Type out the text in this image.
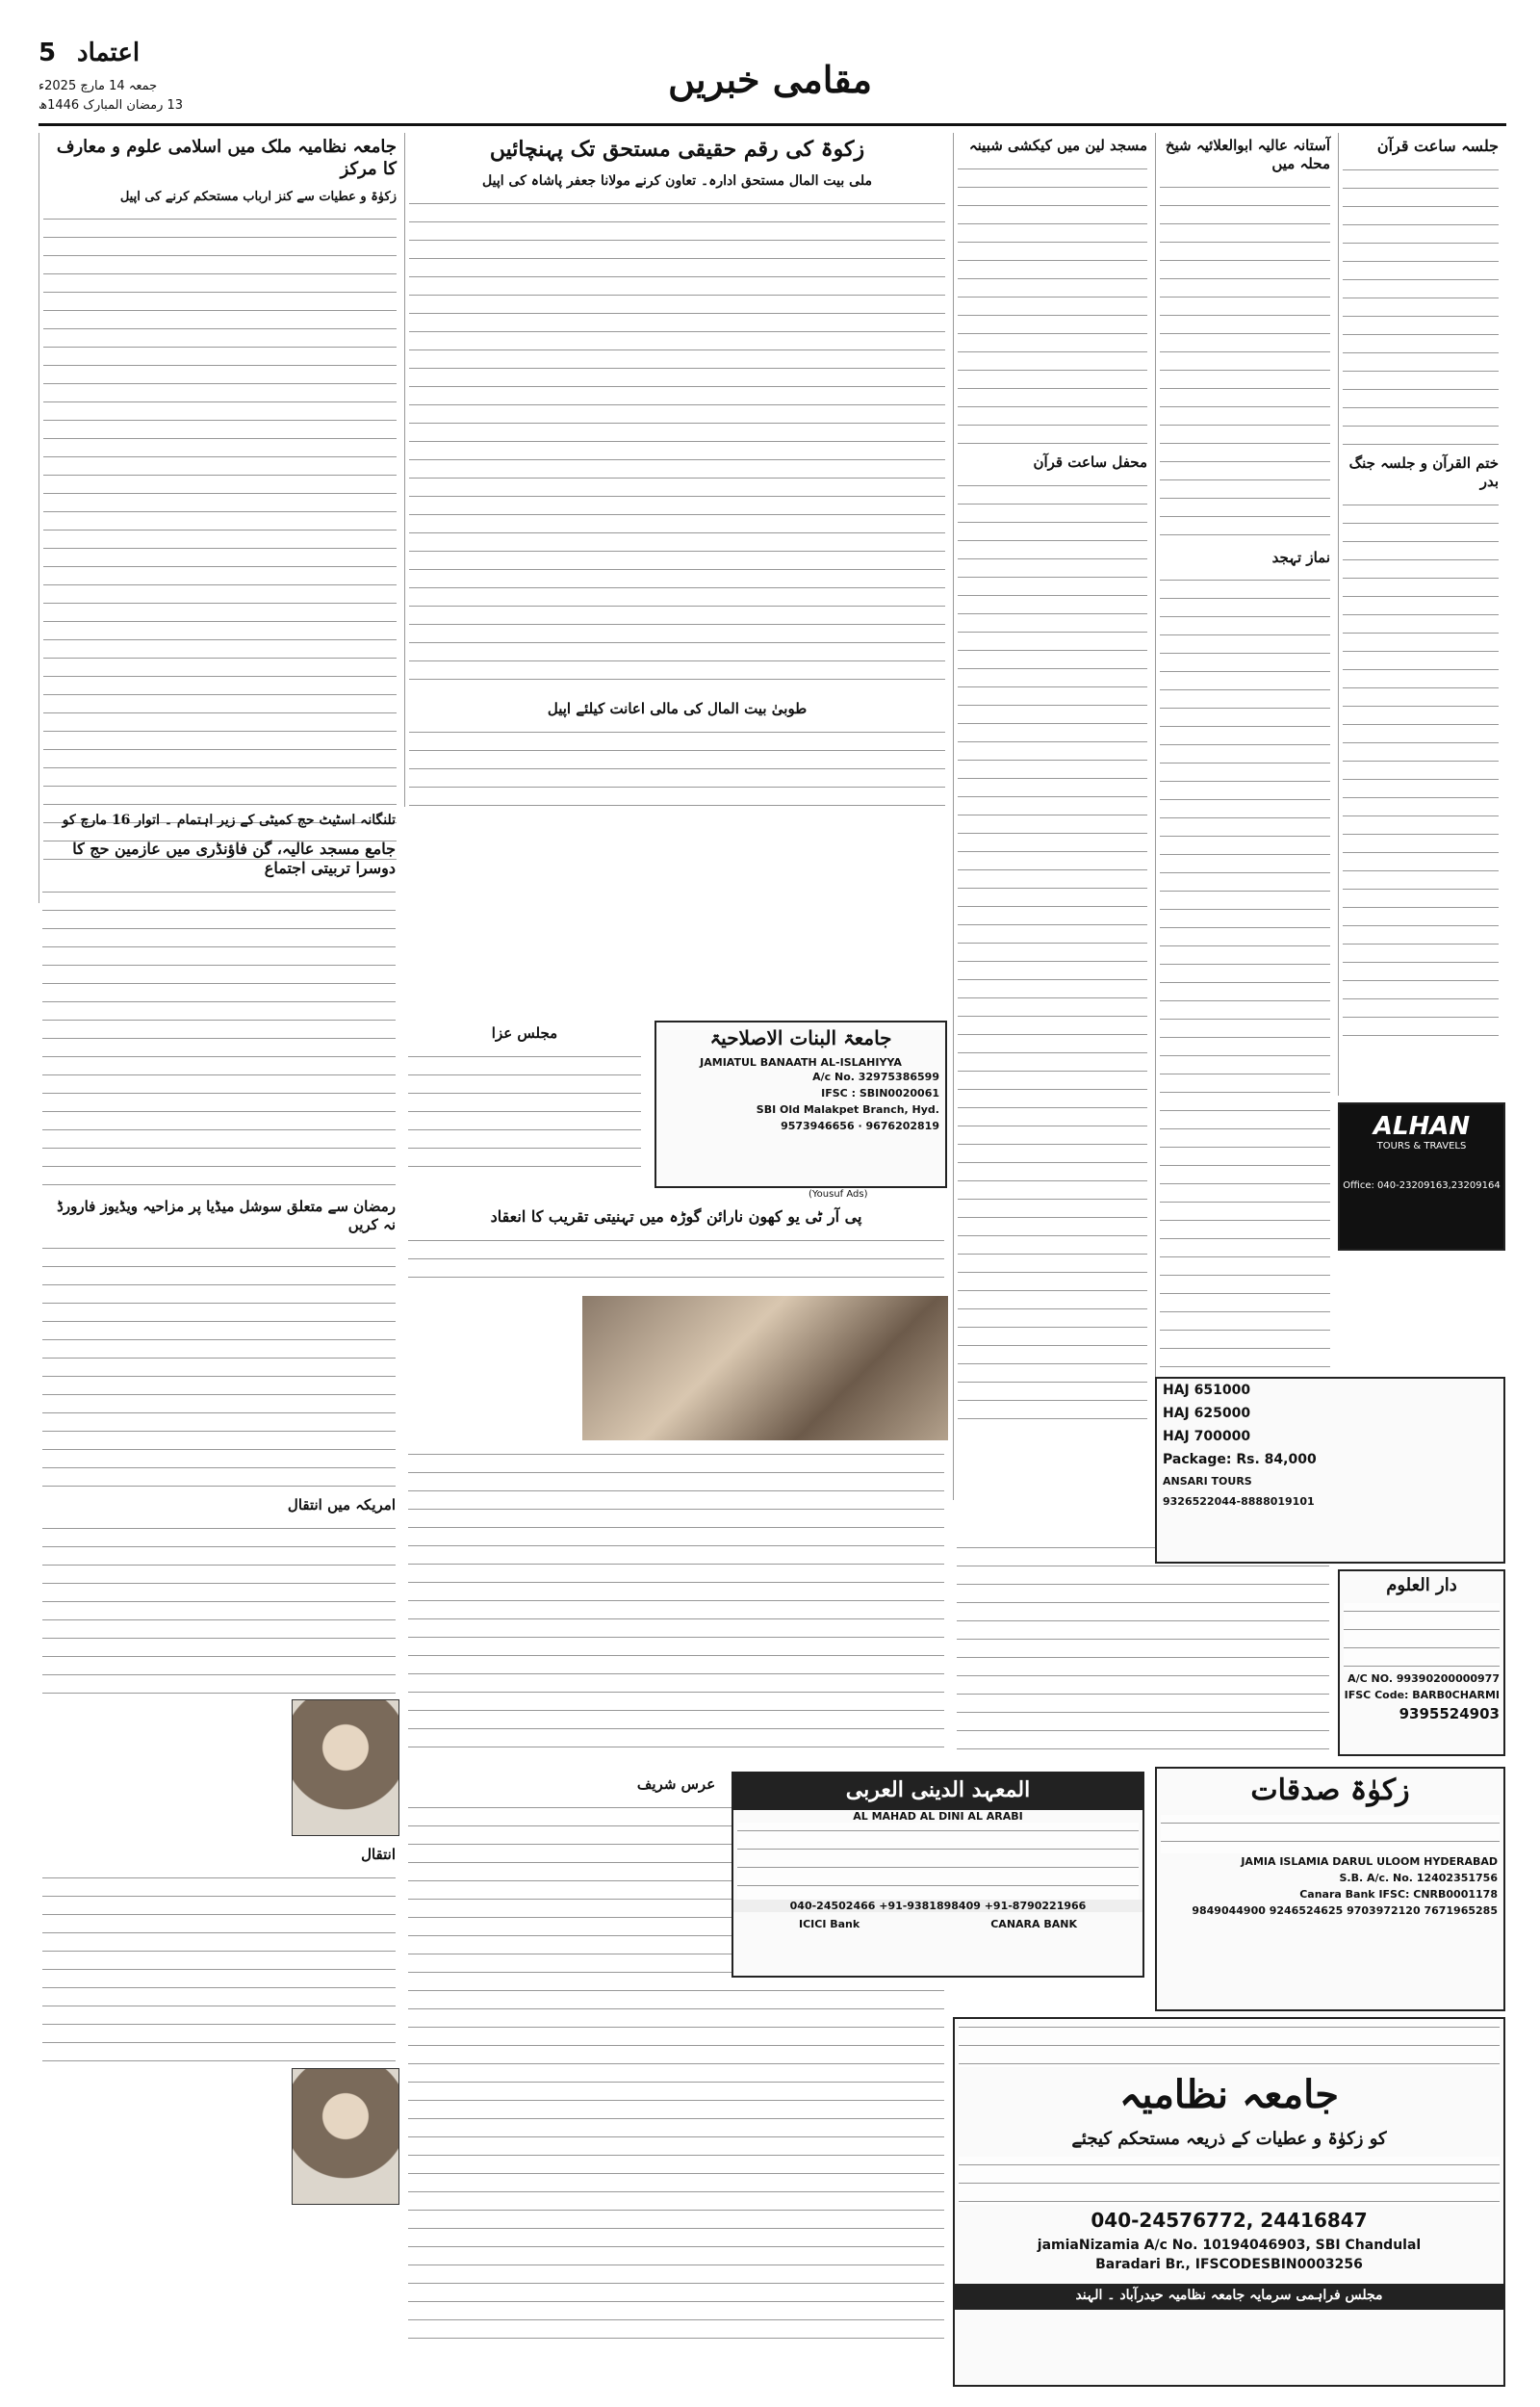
5 اعتماد
جمعہ 14 مارچ 2025ء
13 رمضان المبارک 1446ھ
مقامی خبریں
جلسہ ساعت قرآن
ختم القرآن و جلسہ جنگ بدر
آستانہ عالیہ ابوالعلائیہ شیخ محلہ میں
نماز تہجد
مسجد لین میں کیکشی شبینہ
محفل ساعت قرآن
زکوۃ کی رقم حقیقی مستحق تک پہنچائیں
ملی بیت المال مستحق ادارہ۔ تعاون کرنے مولانا جعفر پاشاہ کی اپیل
طوبیٰ بیت المال کی مالی اعانت کیلئے اپیل
جامعہ نظامیہ ملک میں اسلامی علوم و معارف کا مرکز
زکوٰۃ و عطیات سے کنز ارباب مستحکم کرنے کی اپیل
تلنگانہ اسٹیٹ حج کمیٹی کے زیر اہتمام ۔ اتوار 16 مارچ کو
جامع مسجد عالیہ، گن فاؤنڈری میں عازمین حج کا دوسرا تربیتی اجتماع
رمضان سے متعلق سوشل میڈیا پر مزاحیہ ویڈیوز فارورڈ نہ کریں
مجلس عزا	جامعۃ البنات الاصلاحیۃ
JAMIATUL BANAATH AL-ISLAHIYYA
A/c No. 32975386599
IFSC : SBIN0020061
SBI Old Malakpet Branch, Hyd.
9573946656 · 9676202819
(Yousuf Ads)
پی آر ٹی یو کھون نارائن گوڑہ میں تہنیتی تقریب کا انعقاد
امریکہ میں انتقال
انتقال
عرس شریف	المعہد الدینی العربی
AL MAHAD AL DINI AL ARABI
040-24502466 +91-9381898409 +91-8790221966
ICICI Bank	CANARA BANK
ALHAN
TOURS & TRAVELS
Office: 040-23209163,23209164
HAJ 651000
HAJ 625000
HAJ 700000
Package: Rs. 84,000
ANSARI TOURS
9326522044-8888019101
دار العلوم
A/C NO. 99390200000977
IFSC Code: BARB0CHARMI
9395524903
زکوٰۃ صدقات
JAMIA ISLAMIA DARUL ULOOM HYDERABAD
S.B. A/c. No. 12402351756
Canara Bank IFSC: CNRB0001178
9849044900 9246524625 9703972120 7671965285
جامعہ نظامیہ
کو زکوٰۃ و عطیات کے ذریعہ مستحکم کیجئے
040-24576772, 24416847
jamiaNizamia A/c No. 10194046903, SBI Chandulal
Baradari Br., IFSCODESBIN0003256
مجلس فراہمی سرمایہ جامعہ نظامیہ حیدرآباد ۔ الہند
